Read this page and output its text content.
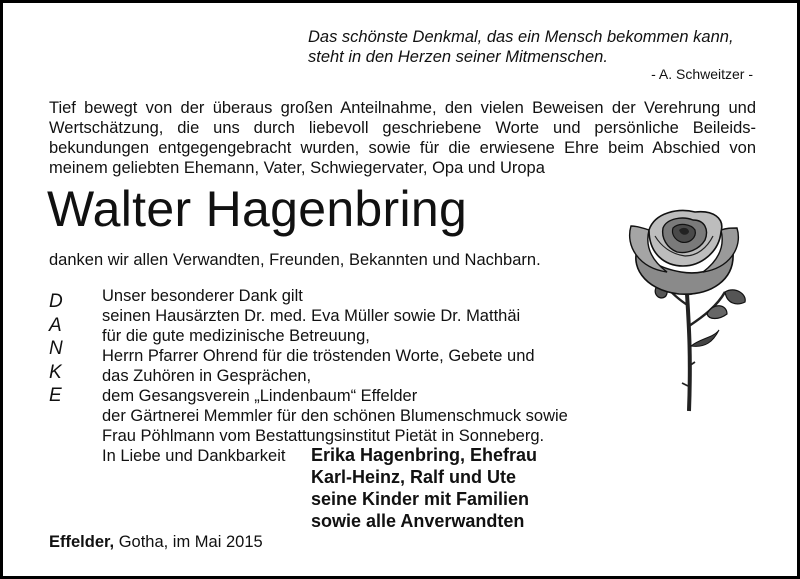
Das schönste Denkmal, das ein Mensch bekommen kann,
steht in den Herzen seiner Mitmenschen.
- A. Schweitzer -
Tief bewegt von der überaus großen Anteilnahme, den vielen Beweisen der Verehrung und
Wertschätzung, die uns durch liebevoll geschriebene Worte und persönliche Beileids-
bekundungen entgegengebracht wurden, sowie für die erwiesene Ehre beim Abschied von
meinem geliebten Ehemann, Vater, Schwiegervater, Opa und Uropa
Walter Hagenbring
danken wir allen Verwandten, Freunden, Bekannten und Nachbarn.
D
A
N
K
E
Unser besonderer Dank gilt
seinen Hausärzten Dr. med. Eva Müller sowie Dr. Matthäi
für die gute medizinische Betreuung,
Herrn Pfarrer Ohrend für die tröstenden Worte, Gebete und
das Zuhören in Gesprächen,
dem Gesangsverein „Lindenbaum“ Effelder
der Gärtnerei Memmler für den schönen Blumenschmuck sowie
Frau Pöhlmann vom Bestattungsinstitut Pietät in Sonneberg.
In Liebe und Dankbarkeit Erika Hagenbring, Ehefrau
Karl-Heinz, Ralf und Ute
seine Kinder mit Familien
sowie alle Anverwandten
Effelder, Gotha, im Mai 2015
